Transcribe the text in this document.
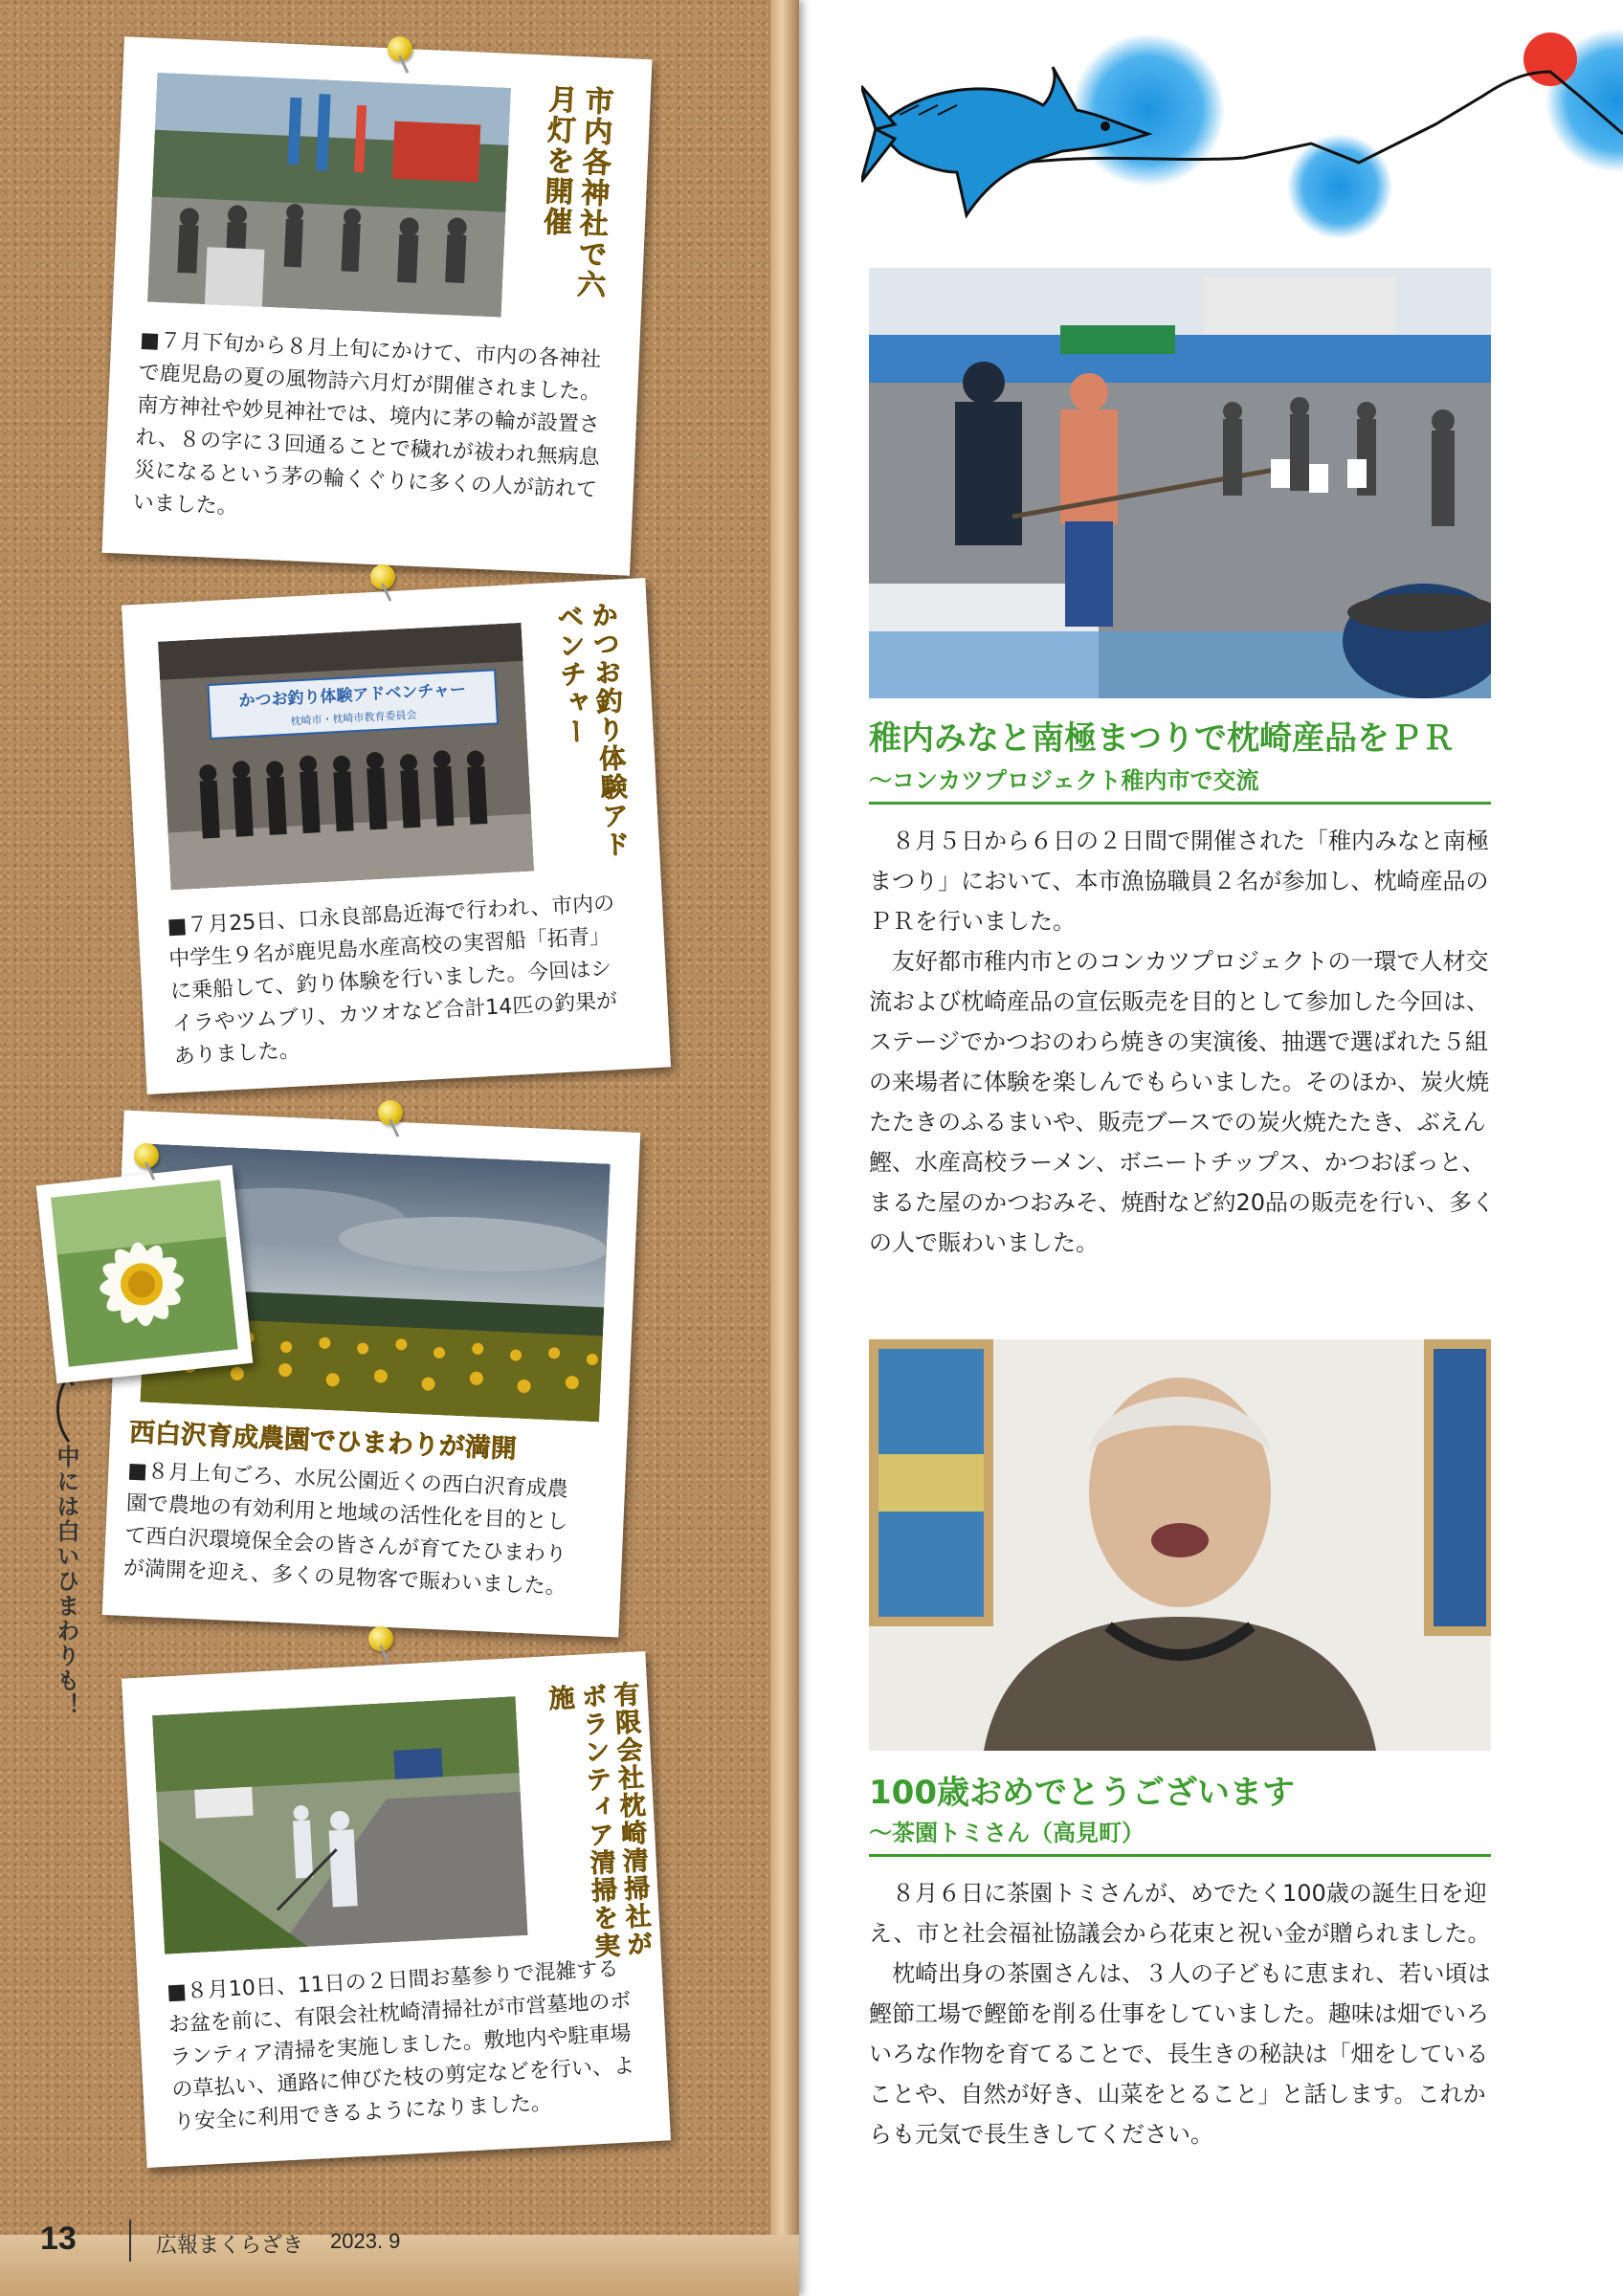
市内各神社で六月灯を開催
■７月下旬から８月上旬にかけて、市内の各神社で鹿児島の夏の風物詩六月灯が開催されました。南方神社や妙見神社では、境内に茅の輪が設置され、８の字に３回通ることで穢れが祓われ無病息災になるという茅の輪くぐりに多くの人が訪れていました。
かつお釣り体験アドベンチャー
枕崎市・枕崎市教育委員会	かつお釣り体験アドベンチャー
■７月25日、口永良部島近海で行われ、市内の中学生９名が鹿児島水産高校の実習船「拓青」に乗船して、釣り体験を行いました。今回はシイラやツムブリ、カツオなど合計14匹の釣果がありました。
西白沢育成農園でひまわりが満開
■８月上旬ごろ、水尻公園近くの西白沢育成農園で農地の有効利用と地域の活性化を目的として西白沢環境保全会の皆さんが育てたひまわりが満開を迎え、多くの見物客で賑わいました。
中には白いひまわりも！
有限会社枕崎清掃社がボランティア清掃を実施
■８月10日、11日の２日間お墓参りで混雑するお盆を前に、有限会社枕崎清掃社が市営墓地のボランティア清掃を実施しました。敷地内や駐車場の草払い、通路に伸びた枝の剪定などを行い、より安全に利用できるようになりました。
13	広報まくらざき 2023. 9
稚内みなと南極まつりで枕崎産品をＰＲ
〜コンカツプロジェクト稚内市で交流

８月５日から６日の２日間で開催された「稚内みなと南極まつり」において、本市漁協職員２名が参加し、枕崎産品のＰＲを行いました。

友好都市稚内市とのコンカツプロジェクトの一環で人材交流および枕崎産品の宣伝販売を目的として参加した今回は、ステージでかつおのわら焼きの実演後、抽選で選ばれた５組の来場者に体験を楽しんでもらいました。そのほか、炭火焼たたきのふるまいや、販売ブースでの炭火焼たたき、ぶえん鰹、水産高校ラーメン、ボニートチップス、かつおぼっと、まるた屋のかつおみそ、焼酎など約20品の販売を行い、多くの人で賑わいました。

100歳おめでとうございます
〜茶園トミさん（高見町）

８月６日に茶園トミさんが、めでたく100歳の誕生日を迎え、市と社会福祉協議会から花束と祝い金が贈られました。

枕崎出身の茶園さんは、３人の子どもに恵まれ、若い頃は鰹節工場で鰹節を削る仕事をしていました。趣味は畑でいろいろな作物を育てることで、長生きの秘訣は「畑をしていることや、自然が好き、山菜をとること」と話します。これからも元気で長生きしてください。
